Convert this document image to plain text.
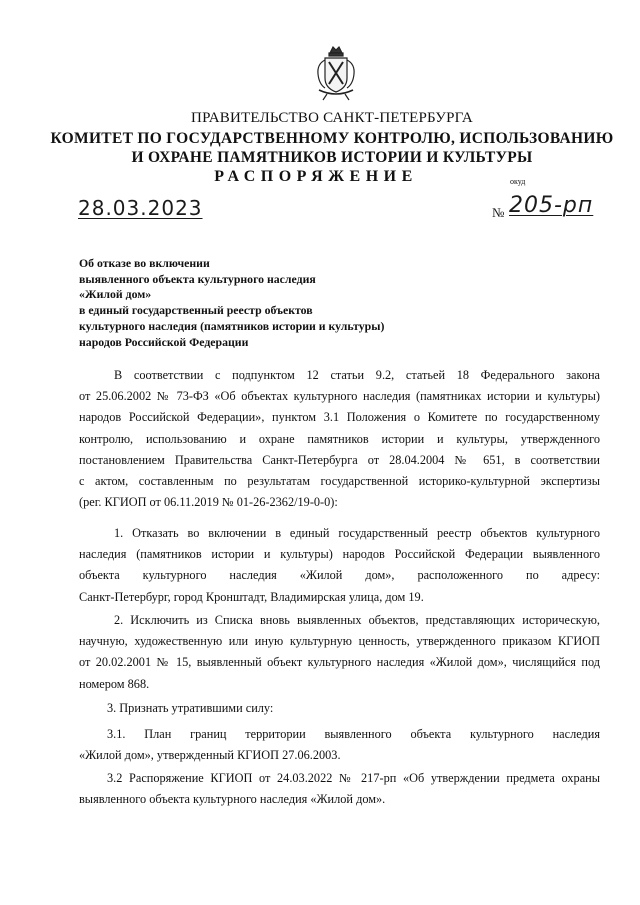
ПРАВИТЕЛЬСТВО САНКТ-ПЕТЕРБУРГА
КОМИТЕТ ПО ГОСУДАРСТВЕННОМУ КОНТРОЛЮ, ИСПОЛЬЗОВАНИЮ
И ОХРАНЕ ПАМЯТНИКОВ ИСТОРИИ И КУЛЬТУРЫ
РАСПОРЯЖЕНИЕ	окуд
28.03.2023	№ 205-рп
Об отказе во включении
выявленного объекта культурного наследия
«Жилой дом»
в единый государственный реестр объектов
культурного наследия (памятников истории и культуры)
народов Российской Федерации
В соответствии с подпунктом 12 статьи 9.2, статьей 18 Федерального закона
от 25.06.2002 № 73-ФЗ «Об объектах культурного наследия (памятниках истории и культуры)
народов Российской Федерации», пунктом 3.1 Положения о Комитете по государственному
контролю, использованию и охране памятников истории и культуры, утвержденного
постановлением Правительства Санкт-Петербурга от 28.04.2004 № 651, в соответствии
с актом, составленным по результатам государственной историко-культурной экспертизы
(рег. КГИОП от 06.11.2019 № 01-26-2362/19-0-0):
1. Отказать во включении в единый государственный реестр объектов культурного
наследия (памятников истории и культуры) народов Российской Федерации выявленного
объекта культурного наследия «Жилой дом», расположенного по адресу:
Санкт-Петербург, город Кронштадт, Владимирская улица, дом 19.
2. Исключить из Списка вновь выявленных объектов, представляющих историческую,
научную, художественную или иную культурную ценность, утвержденного приказом КГИОП
от 20.02.2001 № 15, выявленный объект культурного наследия «Жилой дом», числящийся под
номером 868.
3. Признать утратившими силу:
3.1. План границ территории выявленного объекта культурного наследия
«Жилой дом», утвержденный КГИОП 27.06.2003.
3.2 Распоряжение КГИОП от 24.03.2022 № 217-рп «Об утверждении предмета охраны
выявленного объекта культурного наследия «Жилой дом».
